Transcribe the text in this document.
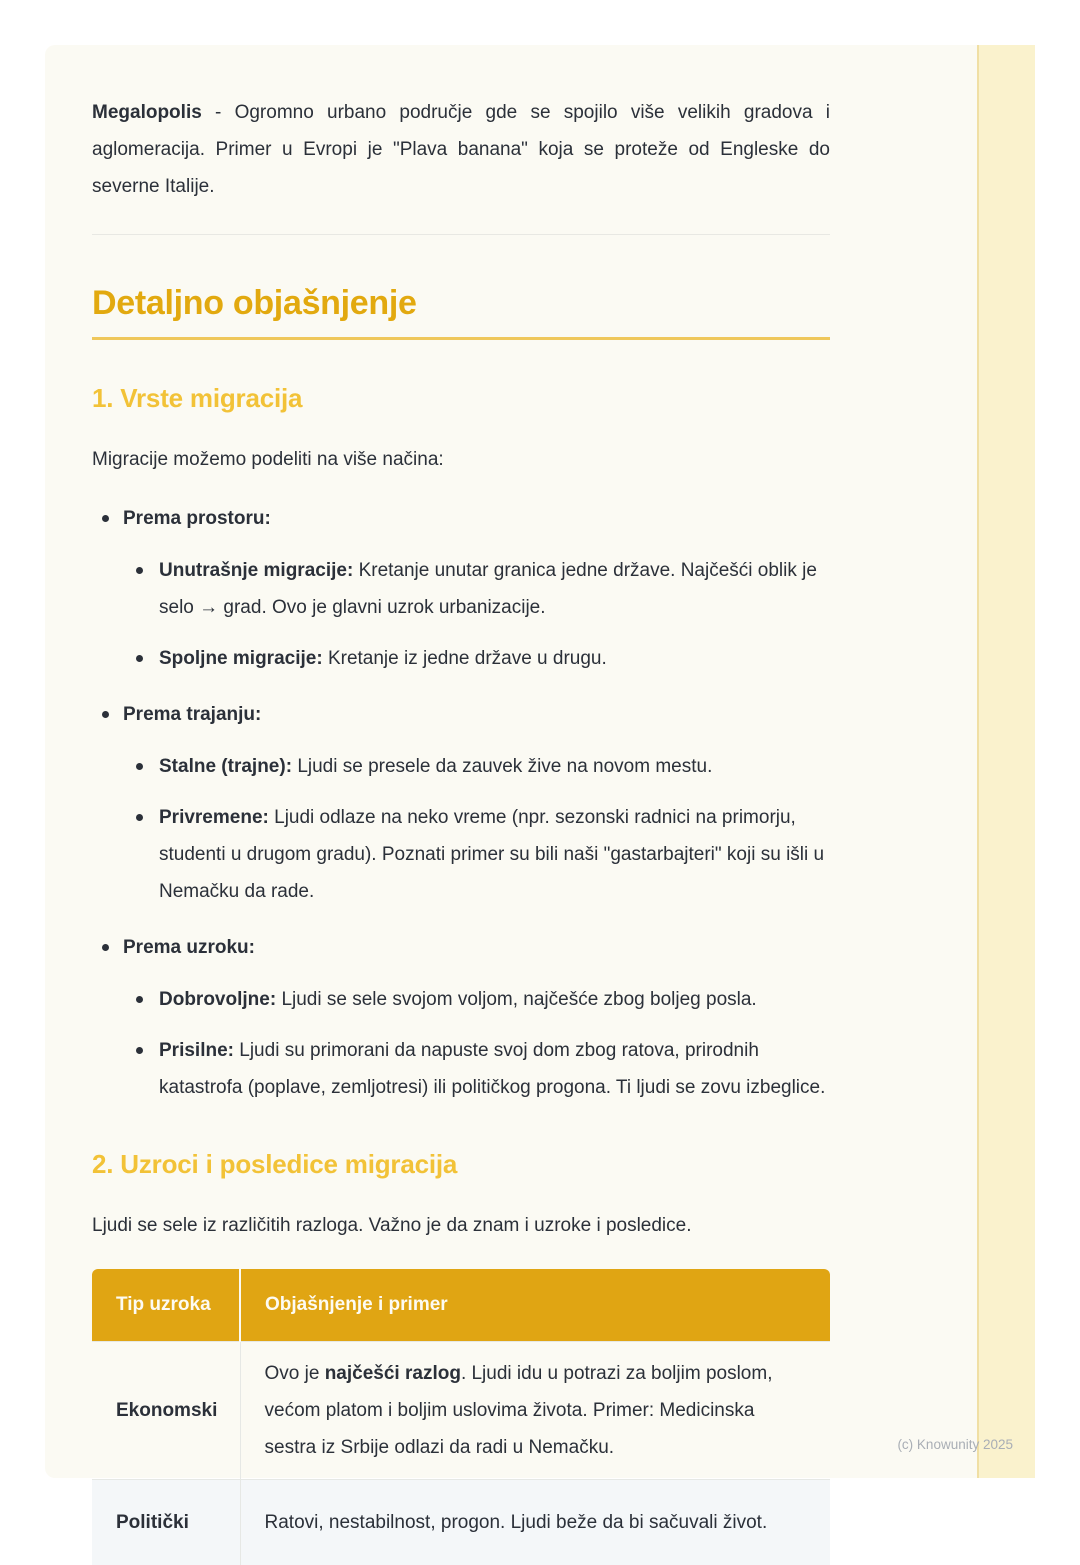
Megalopolis - Ogromno urbano područje gde se spojilo više velikih gradova i aglomeracija. Primer u Evropi je "Plava banana" koja se proteže od Engleske do severne Italije.

Detaljno objašnjenje
1. Vrste migracija

Migracije možemo podeliti na više načina:

Prema prostoru:
Unutrašnje migracije: Kretanje unutar granica jedne države. Najčešći oblik je selo → grad. Ovo je glavni uzrok urbanizacije.
Spoljne migracije: Kretanje iz jedne države u drugu.
Prema trajanju:
Stalne (trajne): Ljudi se presele da zauvek žive na novom mestu.
Privremene: Ljudi odlaze na neko vreme (npr. sezonski radnici na primorju, studenti u drugom gradu). Poznati primer su bili naši "gastarbajteri" koji su išli u Nemačku da rade.
Prema uzroku:
Dobrovoljne: Ljudi se sele svojom voljom, najčešće zbog boljeg posla.
Prisilne: Ljudi su primorani da napuste svoj dom zbog ratova, prirodnih katastrofa (poplave, zemljotresi) ili političkog progona. Ti ljudi se zovu izbeglice.
2. Uzroci i posledice migracija

Ljudi se sele iz različitih razloga. Važno je da znam i uzroke i posledice.

Tip uzroka	Objašnjenje i primer
Ekonomski	Ovo je najčešći razlog. Ljudi idu u potrazi za boljim poslom, većom platom i boljim uslovima života. Primer: Medicinska sestra iz Srbije odlazi da radi u Nemačku.
Politički	Ratovi, nestabilnost, progon. Ljudi beže da bi sačuvali život.
(c) Knowunity 2025
